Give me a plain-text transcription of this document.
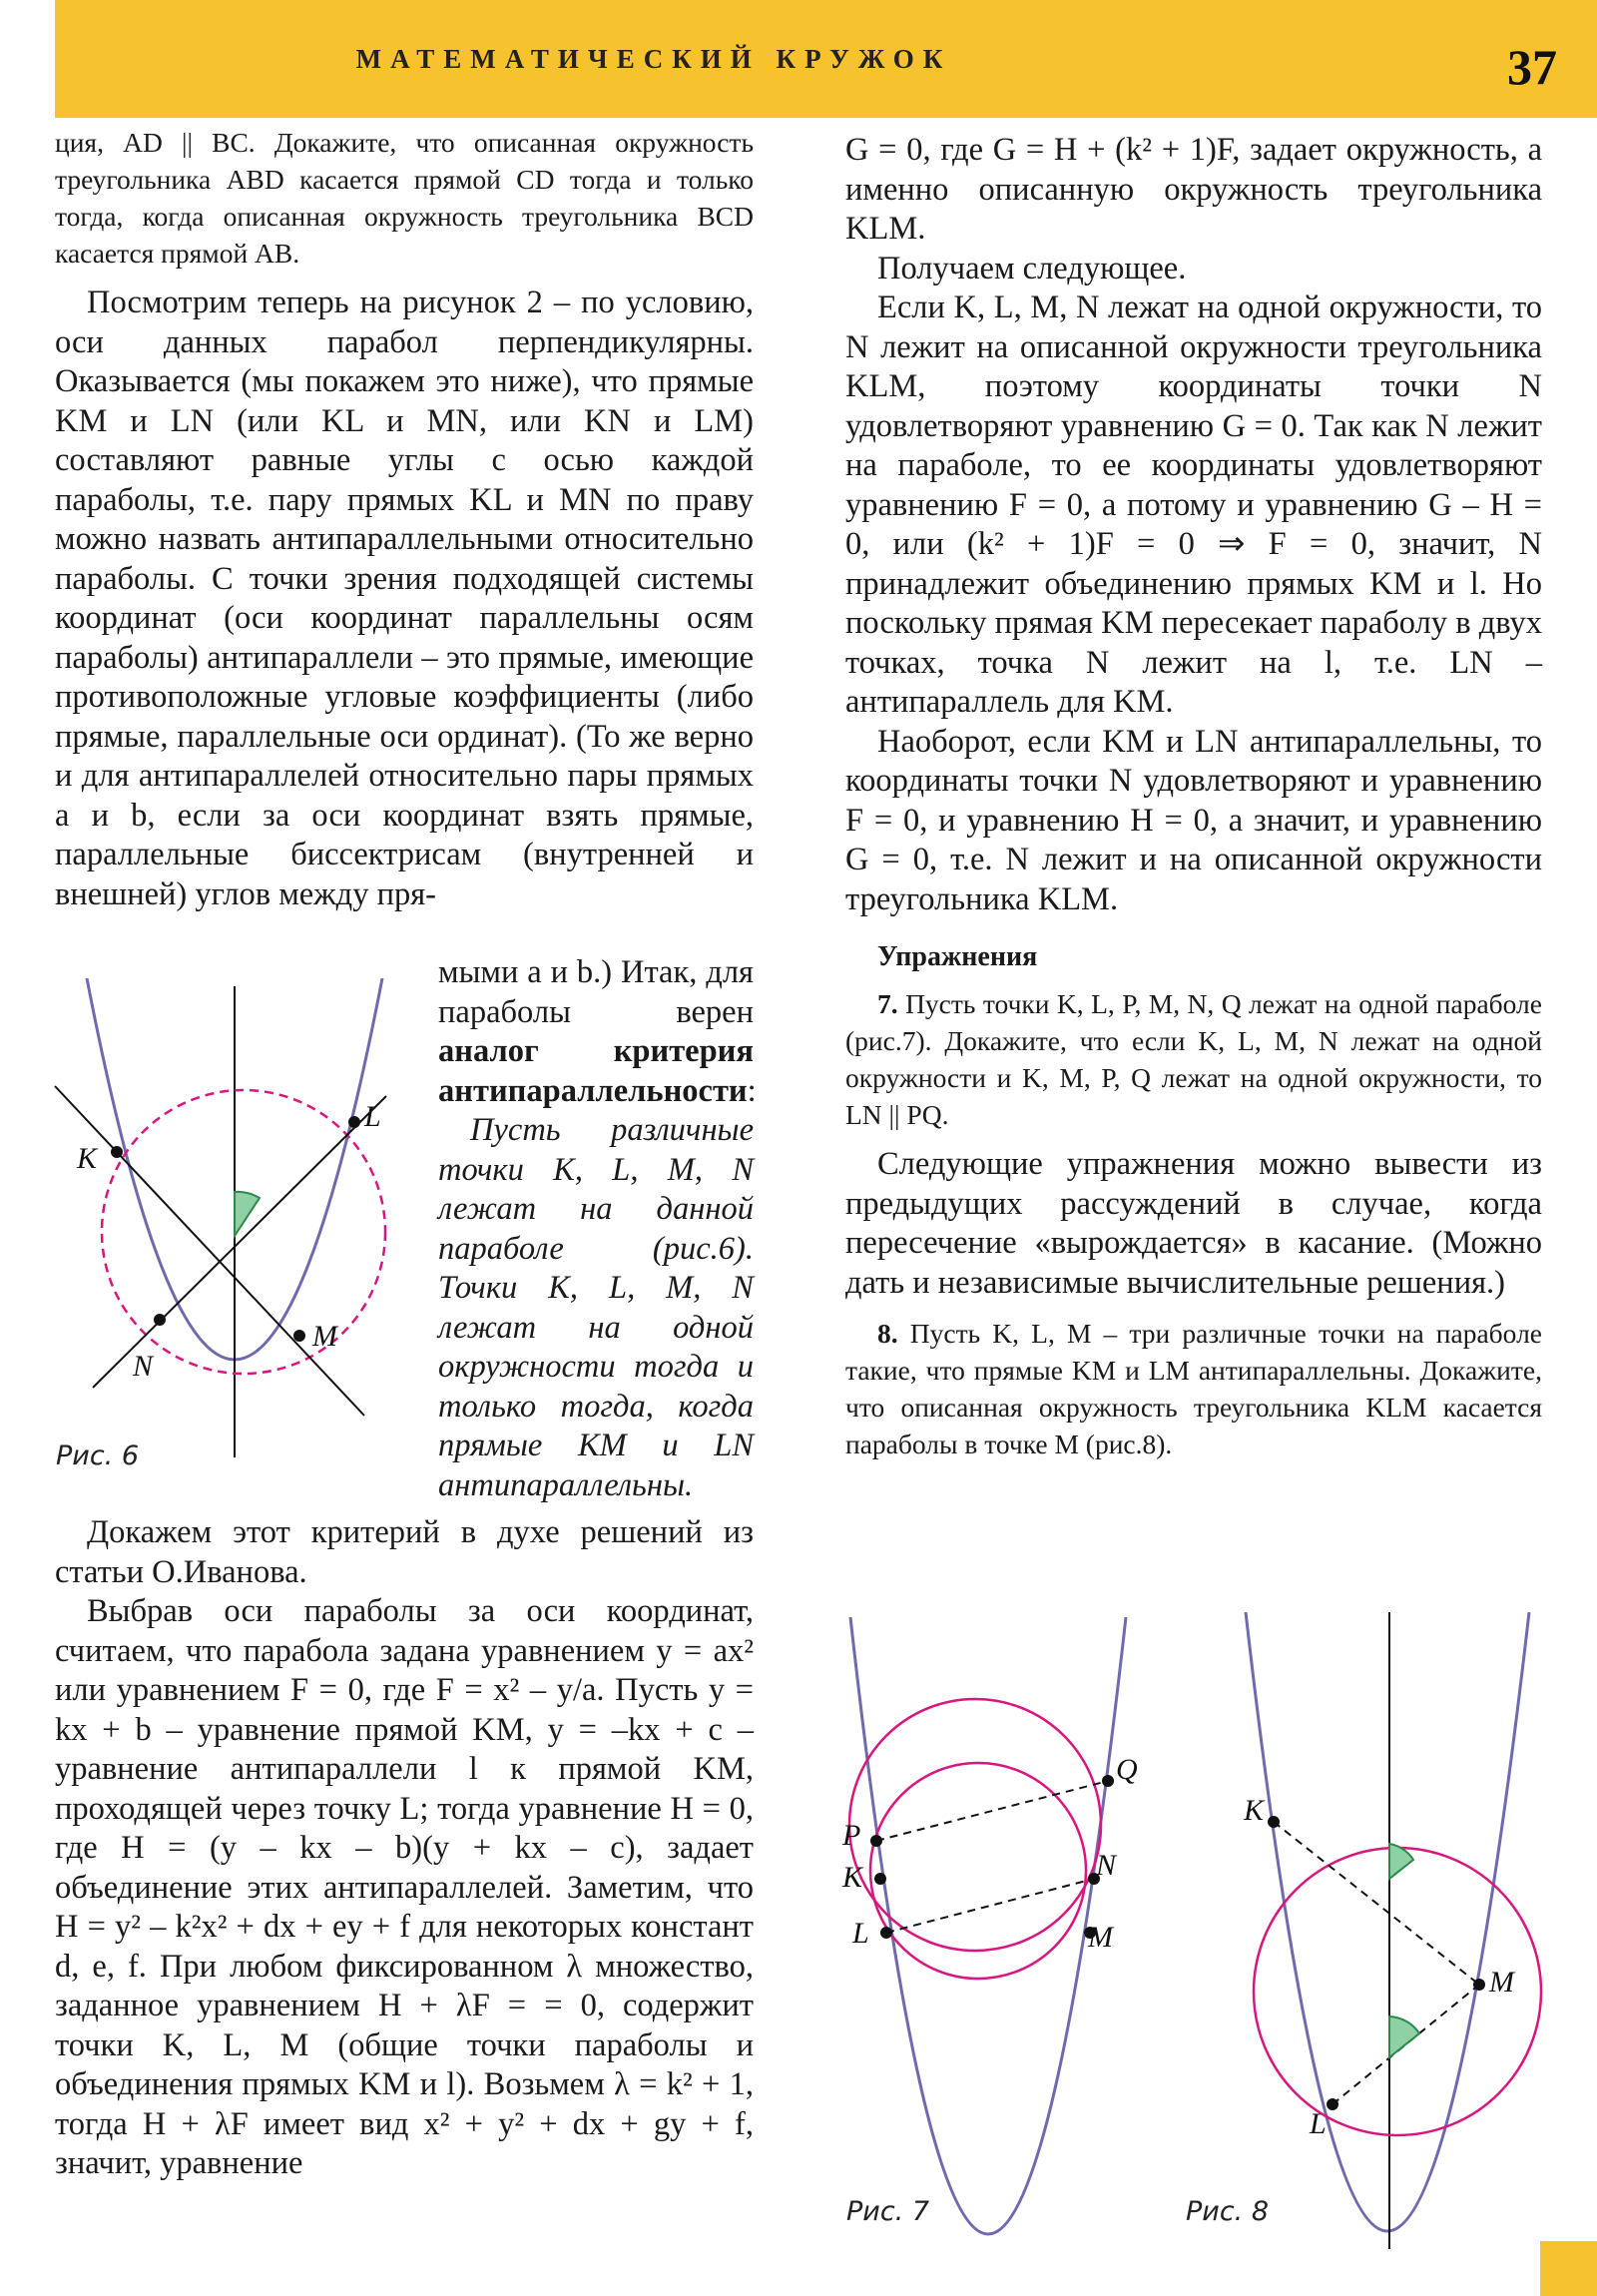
МАТЕМАТИЧЕСКИЙ КРУЖОК	37

ция, AD || BC. Докажите, что описанная окружность треугольника ABD касается прямой CD тогда и только тогда, когда описанная окружность треугольника BCD касается прямой AB.

Посмотрим теперь на рисунок 2 – по условию, оси данных парабол перпендикулярны. Оказывается (мы покажем это ниже), что прямые KM и LN (или KL и MN, или KN и LM) составляют равные углы с осью каждой параболы, т.е. пару прямых KL и MN по праву можно назвать антипараллельными относительно параболы. С точки зрения подходящей системы координат (оси координат параллельны осям параболы) антипараллели – это прямые, имеющие противоположные угловые коэффициенты (либо прямые, параллельные оси ординат). (То же верно и для антипараллелей относительно пары прямых a и b, если за оси координат взять прямые, параллельные биссектрисам (внутренней и внешней) углов между пря-

мыми a и b.) Итак, для параболы верен аналог критерия антипараллельности:

Пусть различные точки K, L, M, N лежат на данной параболе (рис.6). Точки K, L, M, N лежат на одной окружности тогда и только тогда, когда прямые KM и LN антипараллельны.

K
L
M
N
Рис. 6

Докажем этот критерий в духе решений из статьи О.Иванова.

Выбрав оси параболы за оси координат, считаем, что парабола задана уравнением y = ax² или уравнением F = 0, где F = x² – y/a. Пусть y = kx + b – уравнение прямой KM, y = –kx + c – уравнение антипараллели l к прямой KM, проходящей через точку L; тогда уравнение H = 0, где H = (y – kx – b)(y + kx – c), задает объединение этих антипараллелей. Заметим, что H = y² – k²x² + dx + ey + f для некоторых констант d, e, f. При любом фиксированном λ множество, заданное уравнением H + λF = = 0, содержит точки K, L, M (общие точки параболы и объединения прямых KM и l). Возьмем λ = k² + 1, тогда H + λF имеет вид x² + y² + dx + gy + f, значит, уравнение

G = 0, где G = H + (k² + 1)F, задает окружность, а именно описанную окружность треугольника KLM.

Получаем следующее.

Если K, L, M, N лежат на одной окружности, то N лежит на описанной окружности треугольника KLM, поэтому координаты точки N удовлетворяют уравнению G = 0. Так как N лежит на параболе, то ее координаты удовлетворяют уравнению F = 0, а потому и уравнению G – H = 0, или (k² + 1)F = 0 ⇒ F = 0, значит, N принадлежит объединению прямых KM и l. Но поскольку прямая KM пересекает параболу в двух точках, точка N лежит на l, т.е. LN – антипараллель для KM.

Наоборот, если KM и LN антипараллельны, то координаты точки N удовлетворяют и уравнению F = 0, и уравнению H = 0, а значит, и уравнению G = 0, т.е. N лежит и на описанной окружности треугольника KLM.

Упражнения

7. Пусть точки K, L, P, M, N, Q лежат на одной параболе (рис.7). Докажите, что если K, L, M, N лежат на одной окружности и K, M, P, Q лежат на одной окружности, то LN || PQ.

Следующие упражнения можно вывести из предыдущих рассуждений в случае, когда пересечение «вырождается» в касание. (Можно дать и независимые вычислительные решения.)

8. Пусть K, L, M – три различные точки на параболе такие, что прямые KM и LM антипараллельны. Докажите, что описанная окружность треугольника KLM касается параболы в точке M (рис.8).

P
Q
K	N
L	M
Рис. 7
K
M
L
Рис. 8
